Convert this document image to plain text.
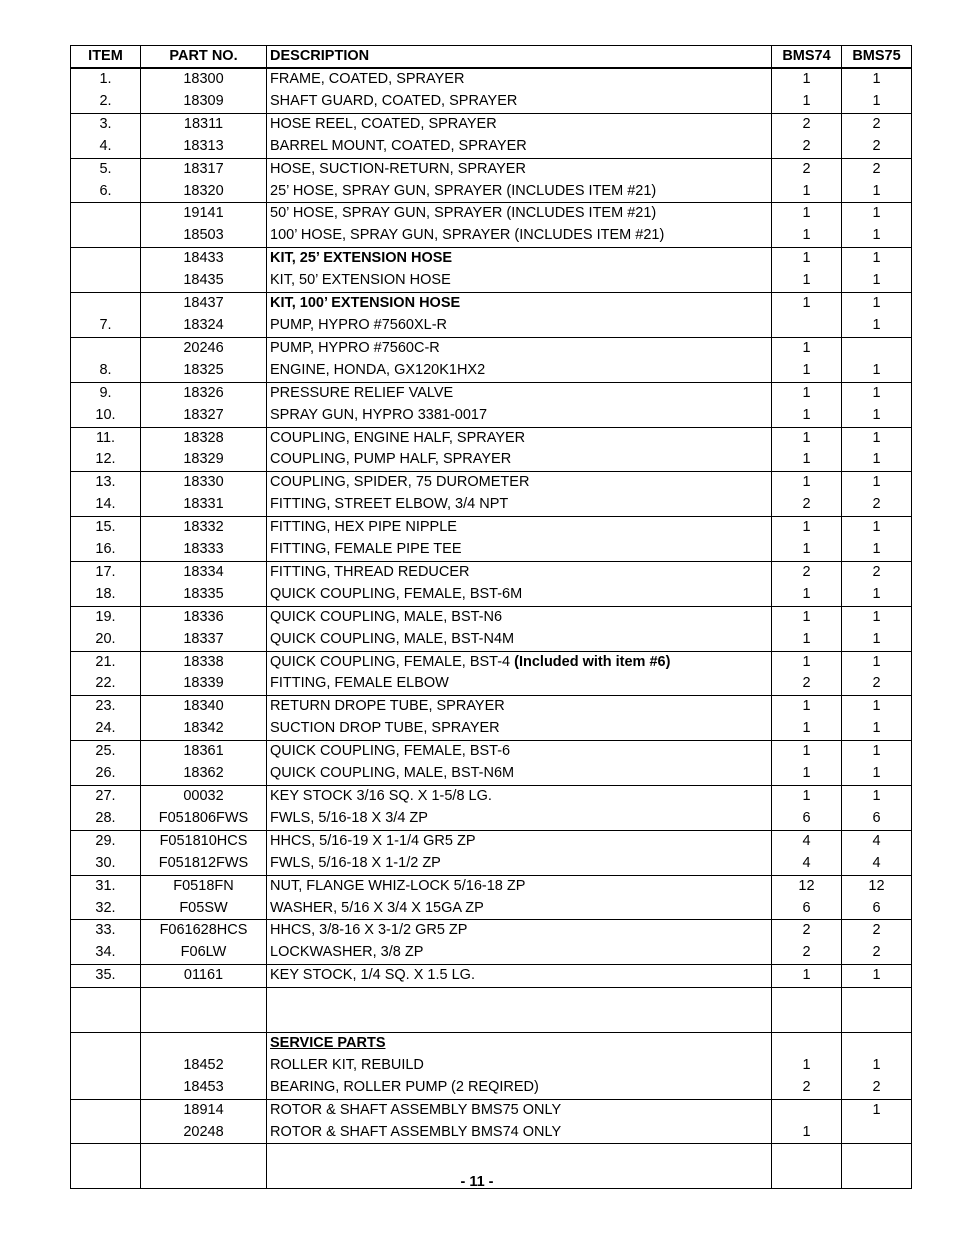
ITEM	PART NO.	DESCRIPTION	BMS74	BMS75
1.	18300	FRAME, COATED, SPRAYER	1	1
2.	18309	SHAFT GUARD, COATED, SPRAYER	1	1
3.	18311	HOSE REEL, COATED, SPRAYER	2	2
4.	18313	BARREL MOUNT, COATED, SPRAYER	2	2
5.	18317	HOSE, SUCTION-RETURN, SPRAYER	2	2
6.	18320	25’ HOSE, SPRAY GUN, SPRAYER (INCLUDES ITEM #21)	1	1
	19141	50’ HOSE, SPRAY GUN, SPRAYER (INCLUDES ITEM #21)	1	1
	18503	100’ HOSE, SPRAY GUN, SPRAYER (INCLUDES ITEM #21)	1	1
	18433	KIT, 25’ EXTENSION HOSE	1	1
	18435	KIT, 50’ EXTENSION HOSE	1	1
	18437	KIT, 100’ EXTENSION HOSE	1	1
7.	18324	PUMP, HYPRO #7560XL-R		1
	20246	PUMP, HYPRO #7560C-R	1	
8.	18325	ENGINE, HONDA, GX120K1HX2	1	1
9.	18326	PRESSURE RELIEF VALVE	1	1
10.	18327	SPRAY GUN, HYPRO 3381-0017	1	1
11.	18328	COUPLING, ENGINE HALF, SPRAYER	1	1
12.	18329	COUPLING, PUMP HALF, SPRAYER	1	1
13.	18330	COUPLING, SPIDER, 75 DUROMETER	1	1
14.	18331	FITTING, STREET ELBOW, 3/4 NPT	2	2
15.	18332	FITTING, HEX PIPE NIPPLE	1	1
16.	18333	FITTING, FEMALE PIPE TEE	1	1
17.	18334	FITTING, THREAD REDUCER	2	2
18.	18335	QUICK COUPLING, FEMALE, BST-6M	1	1
19.	18336	QUICK COUPLING, MALE, BST-N6	1	1
20.	18337	QUICK COUPLING, MALE, BST-N4M	1	1
21.	18338	QUICK COUPLING, FEMALE, BST-4 (Included with item #6)	1	1
22.	18339	FITTING, FEMALE ELBOW	2	2
23.	18340	RETURN DROPE TUBE, SPRAYER	1	1
24.	18342	SUCTION DROP TUBE, SPRAYER	1	1
25.	18361	QUICK COUPLING, FEMALE, BST-6	1	1
26.	18362	QUICK COUPLING, MALE, BST-N6M	1	1
27.	00032	KEY STOCK 3/16 SQ. X 1-5/8 LG.	1	1
28.	F051806FWS	FWLS, 5/16-18 X 3/4 ZP	6	6
29.	F051810HCS	HHCS, 5/16-19 X 1-1/4 GR5 ZP	4	4
30.	F051812FWS	FWLS, 5/16-18 X 1-1/2 ZP	4	4
31.	F0518FN	NUT, FLANGE WHIZ-LOCK 5/16-18 ZP	12	12
32.	F05SW	WASHER, 5/16 X 3/4 X 15GA ZP	6	6
33.	F061628HCS	HHCS, 3/8-16 X 3-1/2 GR5 ZP	2	2
34.	F06LW	LOCKWASHER, 3/8 ZP	2	2
35.	01161	KEY STOCK, 1/4 SQ. X 1.5 LG.	1	1

		SERVICE PARTS		
	18452	ROLLER KIT, REBUILD	1	1
	18453	BEARING, ROLLER PUMP (2 REQIRED)	2	2
	18914	ROTOR & SHAFT ASSEMBLY BMS75 ONLY		1
	20248	ROTOR & SHAFT ASSEMBLY BMS74 ONLY	1	

- 11 -
